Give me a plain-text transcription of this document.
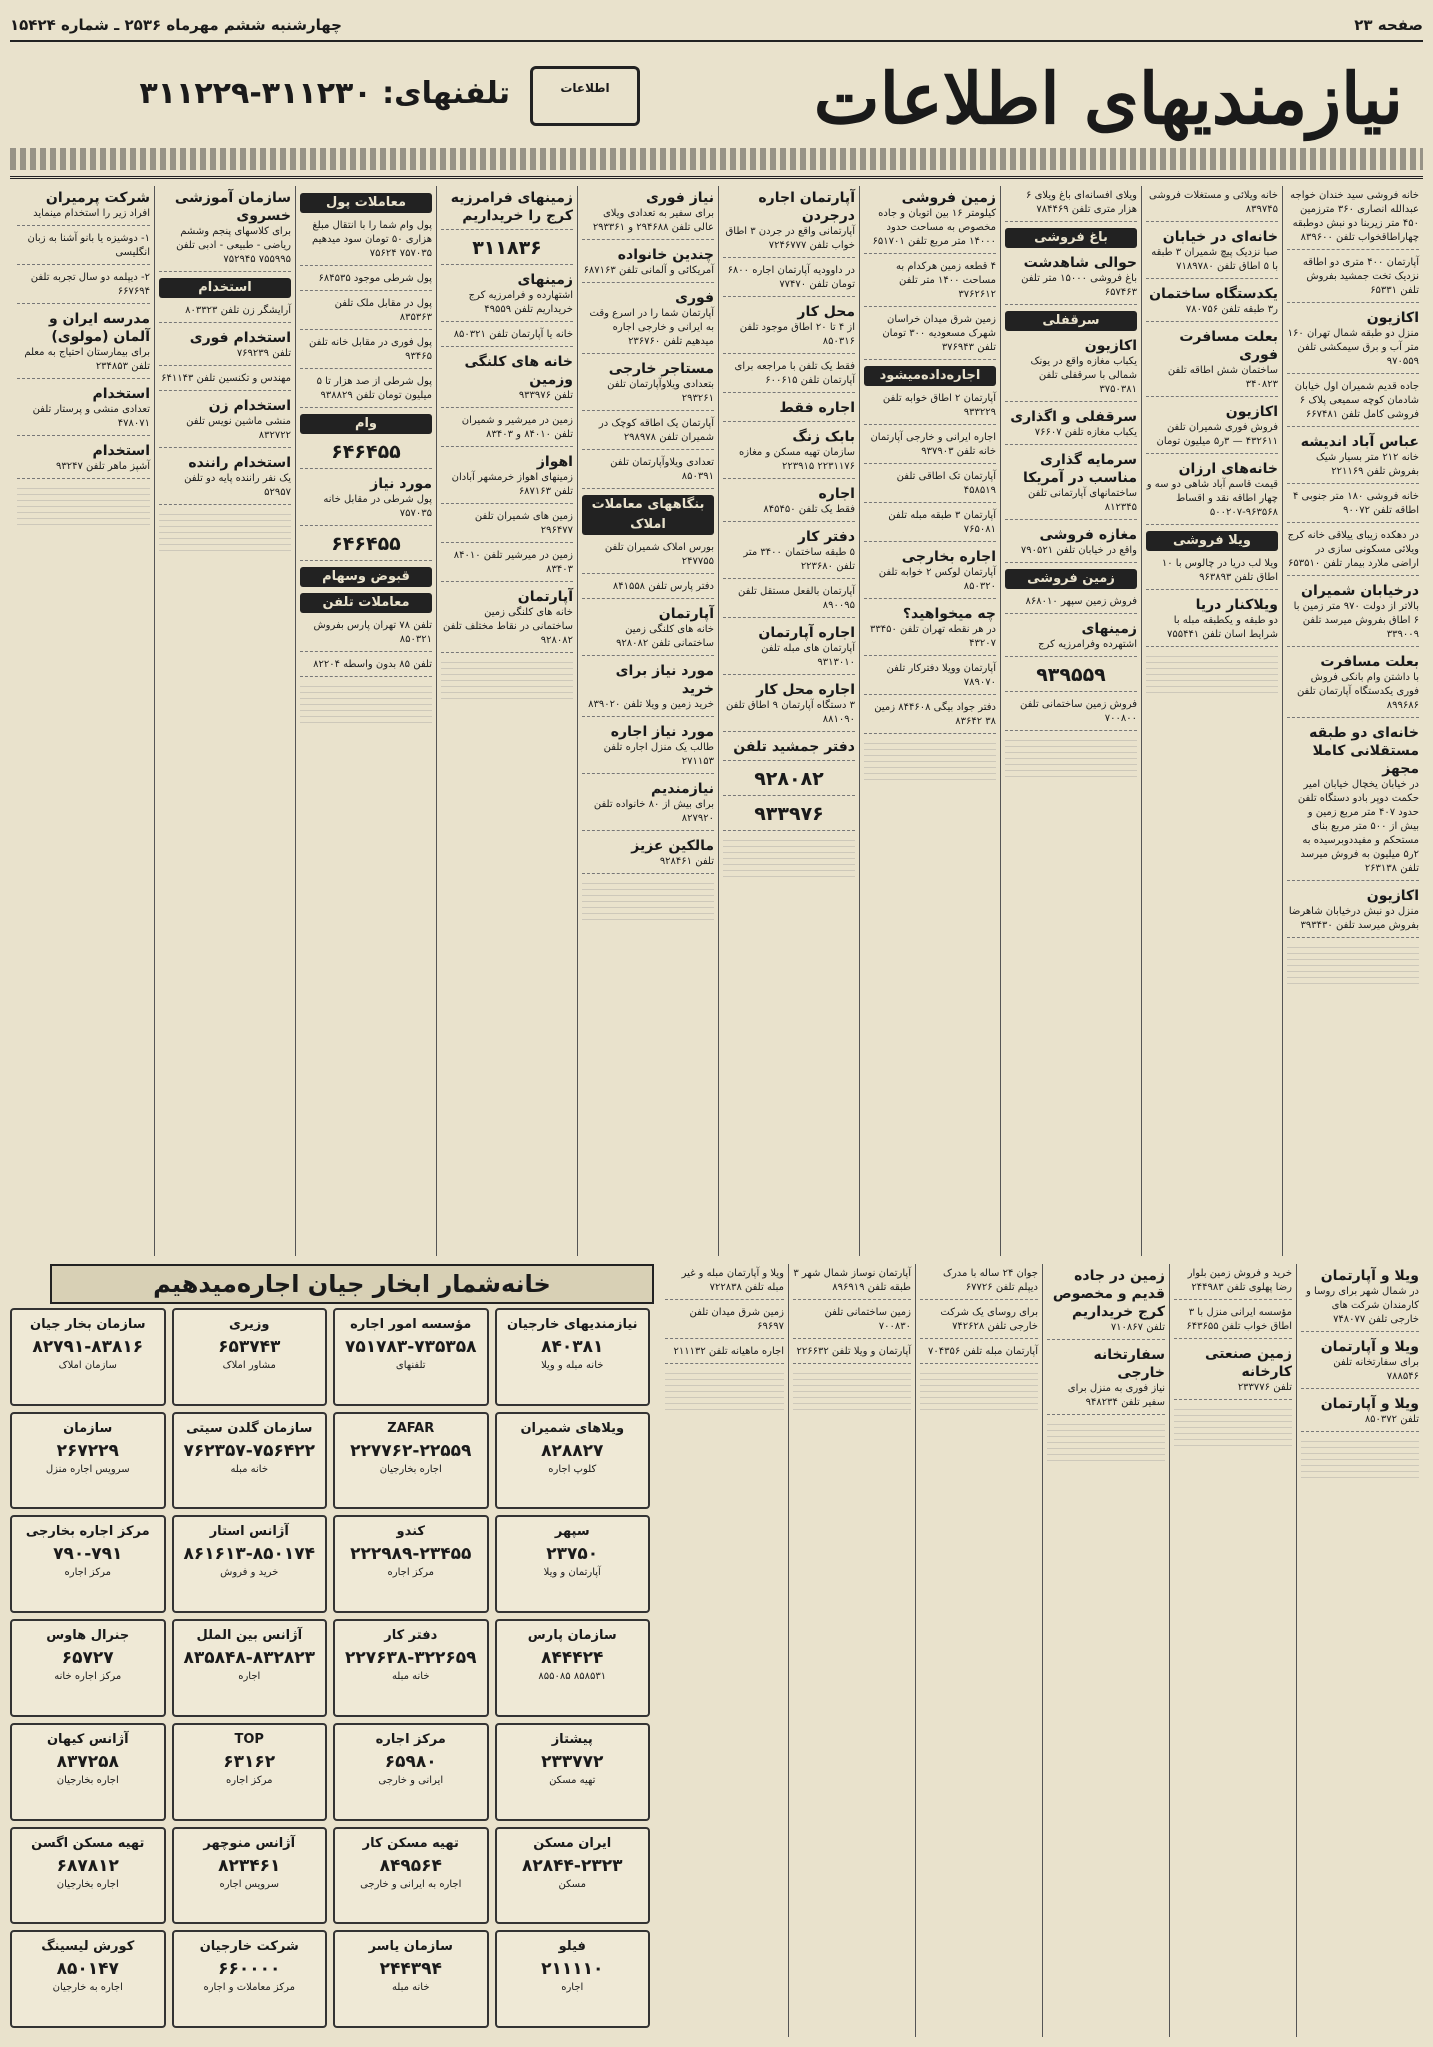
صفحه ۲۳
چهارشنبه ششم مهرماه ۲۵۳۶ ـ شماره ۱۵۴۲۴
نیازمندیهای اطلاعات
اطلاعات
تلفنهای: ۳۱۱۲۳۰-۳۱۱۲۲۹
خانه فروشی سید خندان خواجه عبدالله انصاری ۳۶۰ مترزمین ۴۵۰ متر زیربنا دو نبش دوطبقه چهاراطاقخواب تلفن ۸۳۹۶۰۰
آپارتمان ۴۰۰ متری دو اطاقه نزدیک تخت جمشید بفروش تلفن ۶۵۳۳۱
اکازیون
منزل دو طبقه شمال تهران ۱۶۰ متر آب و برق سیمکشی تلفن ۹۷۰۵۵۹
جاده قدیم شمیران اول خیابان شادمان کوچه سمیعی پلاک ۶ فروشی کامل تلفن ۶۶۷۴۸۱
عباس آباد اندیشه
خانه ۲۱۲ متر بسیار شیک بفروش تلفن ۲۲۱۱۶۹
خانه فروشی ۱۸۰ متر جنوبی ۴ اطاقه تلفن ۹۰۰۷۲
در دهکده زیبای ییلاقی خانه کرج ویلائی مسکونی سازی در اراضی ملارد بیمار تلفن ۶۵۳۵۱۰
درخیابان شمیران
بالاتر از دولت ۹۷۰ متر زمین با ۶ اطاق بفروش میرسد تلفن ۳۳۹۰۰۹
بعلت مسافرت
با داشتن وام بانکی فروش فوری یکدستگاه آپارتمان تلفن ۸۹۹۶۸۶
خانه‌ای دو طبقه مستقلانی کاملا مجهز
در خیابان یخچال خیابان امیر حکمت دوپر بادو دستگاه تلفن حدود ۴۰۷ متر مربع زمین و بیش از ۵۰۰ متر مربع بنای مستحکم و مفیددوبرسیده به ۲ر۵ میلیون به فروش میرسد تلفن ۲۶۳۱۳۸
اکازیون
منزل دو نبش درخیابان شاهرضا بفروش میرسد تلفن ۳۹۳۴۳۰
خانه ویلائی و مستغلات فروشی ۸۳۹۷۴۵
خانه‌ای در خیابان
صبا نزدیک پیچ شمیران ۳ طبقه با ۵ اطاق تلفن ۷۱۸۹۷۸۰
یکدستگاه ساختمان
ر۳ طبقه تلفن ۷۸۰۷۵۶
بعلت مسافرت فوری
ساختمان شش اطاقه تلفن ۳۴۰۸۲۳
اکازیون
فروش فوری شمیران تلفن ۴۳۲۶۱۱ — ۳ر۵ میلیون تومان
خانه‌های ارزان
قیمت قاسم آباد شاهی دو سه و چهار اطاقه نقد و اقساط ۹۶۳۵۶۸-۵۰۰۲۰۷
ویلا فروشی
ویلا لب دریا در چالوس با ۱۰ اطاق تلفن ۹۶۳۸۹۳
ویلاکنار دریا
دو طبقه و یکطبقه مبله با شرایط اسان تلفن ۷۵۵۴۴۱
ویلای افسانه‌ای باغ ویلای ۶ هزار متری تلفن ۷۸۴۴۶۹
باغ فروشی
حوالی شاهدشت
باغ‌ فروشی ۱۵۰۰۰ متر تلفن ۶۵۷۴۶۳
سرقفلی
اکازیون
یکباب مغازه واقع در یونک شمالی با سرقفلی تلفن ۳۷۵۰۳۸۱
سرقفلی و اگذاری
یکباب مغازه تلفن ۷۶۶۰۷
سرمایه گذاری مناسب در آمریکا
ساختمانهای آپارتمانی تلفن ۸۱۲۳۴۵
مغازه فروشی
واقع در خیابان تلفن ۷۹۰۵۲۱
زمین فروشی
فروش زمین سپهر ۸۶۸۰۱۰
زمینهای
اشتهرده وفرامرزیه کرج
۹۳۹۵۵۹
فروش زمین ساختمانی تلفن ۷۰۰۸۰۰
زمین فروشی
کیلومتر ۱۶ بین اتوبان و جاده مخصوص به مساحت حدود ۱۴۰۰۰ متر مربع تلفن ۶۵۱۷۰۱
۴ قطعه زمین هرکدام به مساحت ۱۴۰۰ متر تلفن ۳۷۶۲۶۱۲
زمین شرق میدان خراسان شهرک مسعودیه ۳۰۰ تومان تلفن ۳۷۶۹۴۳
اجاره‌داده‌میشود
آپارتمان ۲ اطاق خوابه تلفن ۹۳۳۲۲۹
اجاره ایرانی و خارجی آپارتمان خانه تلفن ۹۳۷۹۰۳
آپارتمان تک اطاقی تلفن ۴۵۸۵۱۹
آپارتمان ۳ طبقه مبله تلفن ۷۶۵۰۸۱
اجاره بخارجی
آپارتمان لوکس ۲ خوابه تلفن ۸۵۰۳۲۰
چه میخواهید؟
در هر نقطه تهران تلفن ۳۳۴۵۰ ۴۳۲۰۷
آپارتمان وویلا دفترکار تلفن ۷۸۹۰۷۰
دفتر جواد بیگی ۸۴۴۶۰۸ زمین ۳۸ ۸۳۶۴۲
آپارتمان اجاره درجردن
آپارتمانی واقع در جردن ۳ اطاق خواب تلفن ۷۲۴۶۷۷۷
در داوودیه آپارتمان اجاره ۶۸۰۰ تومان تلفن ۷۷۴۷۰
محل کار
از ۴ تا ۲۰ اطاق موجود تلفن ۸۵۰۳۱۶
فقط یک تلفن با مراجعه برای آپارتمان تلفن ۶۰۰۶۱۵
اجاره فقط
بابک زنگ
سازمان تهیه مسکن و مغازه ۲۲۳۱۱۷۶ ۲۲۳۹۱۵
اجاره
فقط یک تلفن ۸۴۵۴۵۰
دفتر کار
۵ طبقه ساختمان ۳۴۰۰ متر تلفن ۲۲۳۶۸۰
آپارتمان بالفعل مستقل تلفن ۸۹۰۰۹۵
اجاره آپارتمان
آپارتمان های مبله تلفن ۹۳۱۳۰۱۰
اجاره محل کار
۳ دستگاه آپارتمان ۹ اطاق تلفن ۸۸۱۰۹۰
دفتر جمشید تلفن
۹۲۸۰۸۲
۹۳۳۹۷۶
نیاز فوری
برای سفیر به تعدادی ویلای عالی تلفن ۲۹۴۶۸۸ و ۲۹۳۳۶۱
چندین خانواده
آمریکائی و آلمانی تلفن ۶۸۷۱۶۳
فوری
آپارتمان شما را در اسرع وقت به ایرانی و خارجی اجاره میدهیم تلفن ۲۳۶۷۶۰
مستاجر خارجی
بتعدادی ویلاوآپارتمان تلفن ۲۹۳۲۶۱
آپارتمان یک اطاقه کوچک در شمیران تلفن ۲۹۸۹۷۸
تعدادی ویلاوآپارتمان تلفن ۸۵۰۳۹۱
بنگاههای معاملات املاک
بورس املاک شمیران تلفن ۲۴۷۷۵۵
دفتر پارس تلفن ۸۴۱۵۵۸
آپارتمان
خانه های کلنگی زمین ساختمانی تلفن ۹۲۸۰۸۲
مورد نیاز برای خرید
خرید زمین و ویلا تلفن ۸۳۹۰۲۰
مورد نیاز اجاره
طالب یک منزل اجاره تلفن ۲۷۱۱۵۳
نیازمندیم
برای بیش از ۸۰ خانواده تلفن ۸۲۷۹۲۰
مالکین عزیز
تلفن ۹۲۸۴۶۱
زمینهای فرامرزیه کرج را خریداریم
۳۱۱۸۳۶
زمینهای
اشتهارده و فرامرزیه کرج خریداریم تلفن ۴۹۵۵۹
خانه یا آپارتمان تلفن ۸۵۰۳۲۱
خانه های کلنگی وزمین
تلفن ۹۳۳۹۷۶
زمین در میرشیر و شمیران تلفن ۸۴۰۱۰ و ۸۳۴۰۳
اهواز
زمینهای اهواز خرمشهر آبادان تلفن ۶۸۷۱۶۳
زمین های شمیران تلفن ۲۹۶۴۷۷
زمین در میرشیر تلفن ۸۴۰۱۰ ۸۳۴۰۳
آپارتمان
خانه های کلنگی زمین ساختمانی در نقاط مختلف تلفن ۹۲۸۰۸۲
معاملات پول
پول وام شما را با انتقال مبلغ هزاری ۵۰ تومان سود میدهیم ۷۵۷۰۳۵ ۷۵۶۲۴
پول شرطی موجود ۶۸۴۵۳۵
پول در مقابل ملک تلفن ۸۳۵۳۶۳
پول فوری در مقابل خانه تلفن ۹۳۴۶۵
پول شرطی از صد هزار تا ۵ میلیون تومان تلفن ۹۳۸۸۲۹
وام
۶۴۶۴۵۵
مورد نیاز
پول شرطی در مقابل خانه ۷۵۷۰۳۵
۶۴۶۴۵۵
قبوض وسهام
معاملات تلفن
تلفن ۷۸ تهران پارس بفروش ۸۵۰۳۲۱
تلفن ۸۵ بدون واسطه ۸۲۲۰۴
سازمان آموزشی خسروی
برای کلاسهای پنجم وششم ریاضی - طبیعی - ادبی تلفن ۷۵۵۹۹۵ ۷۵۲۹۴۵
استخدام
آرایشگر زن تلفن ۸۰۳۳۲۳
استخدام فوری
تلفن ۷۶۹۲۳۹
مهندس و تکنسین تلفن ۶۴۱۱۴۳
استخدام زن
منشی ماشین نویس تلفن ۸۳۲۷۲۲
استخدام‌ راننده
یک نفر راننده پایه دو تلفن ۵۲۹۵۷
شرکت پرمیران
افراد زیر را استخدام مینماید
۱- دوشیزه یا بانو آشنا به زبان انگلیسی
۲- دیپلمه دو سال تجربه تلفن ۶۶۷۶۹۴
مدرسه ایران و آلمان (مولوی)
برای بیمارستان احتیاج به معلم تلفن ۲۳۴۸۵۳
استخدام
تعدادی منشی و پرستار تلفن ۴۷۸۰۷۱
استخدام
آشپز ماهر تلفن ۹۳۲۴۷
خانه‌شمار ابخار جیان اجاره‌میدهیم
سازمان بخار جیان
۸۲۷۹۱-۸۳۸۱۶
سازمان املاک
وزیری
۶۵۳۷۴۳
مشاور املاک
مؤسسه امور اجاره
۷۵۱۷۸۳-۷۳۵۳۵۸
تلفنهای
نیازمندیهای خارجیان
۸۴۰۳۸۱
خانه مبله و ویلا
سازمان
۲۶۷۲۲۹
سرویس اجاره منزل
سازمان گلدن سیتی
۷۶۲۳۵۷-۷۵۶۴۲۲
خانه مبله
ZAFAR
۲۲۷۷۶۲-۲۲۵۵۹
اجاره بخارجیان
ویلاهای شمیران
۸۲۸۸۲۷
کلوپ اجاره
مرکز اجاره بخارجی
۷۹۰-۷۹۱
مرکز اجاره
آژانس استار
۸۶۱۶۱۳-۸۵۰۱۷۴
خرید و فروش
کندو
۲۲۲۹۸۹-۲۳۴۵۵
مرکز اجاره
سپهر
۲۳۷۵۰
آپارتمان و ویلا
جنرال هاوس
۶۵۷۲۷
مرکز اجاره خانه
آژانس بین الملل
۸۳۵۸۴۸-۸۳۲۸۲۳
اجاره
دفتر کار
۲۲۷۶۳۸-۳۲۲۶۵۹
خانه مبله
سازمان پارس
۸۴۴۴۲۴
۸۵۸۵۳۱ ۸۵۵۰۸۵
آژانس کیهان
۸۳۷۲۵۸
اجاره بخارجیان
TOP
۶۳۱۶۲
مرکز اجاره
مرکز اجاره
۶۵۹۸۰
ایرانی و خارجی
پیشتاز
۲۳۳۷۷۲
تهیه مسکن
تهیه مسکن اگسن
۶۸۷۸۱۲
اجاره بخارجیان
آژانس منوچهر
۸۲۳۴۶۱
سرویس اجاره
تهیه مسکن کار
۸۴۹۵۶۴
اجاره به ایرانی و خارجی
ایران مسکن
۸۲۸۴۴-۲۳۲۳
مسکن
کورش لیسینگ
۸۵۰۱۴۷
اجاره به خارجیان
شرکت خارجیان
۶۶۰۰۰۰
مرکز معاملات و اجاره
سازمان یاسر
۲۴۴۳۹۴
خانه مبله
فیلو
۲۱۱۱۱۰
اجاره
ویلا و آپارتمان
در شمال شهر برای روسا و کارمندان شرکت های خارجی تلفن ۷۴۸۰۷۷
ویلا و آپارتمان
برای سفارتخانه تلفن ۷۸۸۵۴۶
ویلا و آپارتمان
تلفن ۸۵۰۳۷۲
خرید و فروش زمین بلوار رضا پهلوی تلفن ۲۴۴۹۸۳
مؤسسه ایرانی منزل با ۳ اطاق خواب تلفن ۶۴۳۶۵۵
زمین صنعتی کارخانه
تلفن ۲۳۳۷۷۶
زمین در جاده قدیم و مخصوص کرج خریداریم
تلفن ۷۱۰۸۶۷
سفارتخانه خارجی
نیاز فوری به منزل برای سفیر تلفن ۹۴۸۲۳۴
جوان ۲۴ ساله با مدرک دیپلم تلفن ۶۷۷۲۶
برای روسای یک شرکت خارجی تلفن ۷۴۲۶۲۸
آپارتمان مبله تلفن ۷۰۴۳۵۶
آپارتمان نوساز شمال شهر ۳ طبقه تلفن ۸۹۶۹۱۹
زمین ساختمانی تلفن ۷۰۰۸۳۰
آپارتمان و ویلا تلفن ۲۲۶۶۳۲
ویلا و آپارتمان مبله و غیر مبله تلفن ۷۲۲۸۳۸
زمین شرق میدان تلفن ۶۹۶۹۷
اجاره ماهیانه تلفن ۲۱۱۱۳۲
